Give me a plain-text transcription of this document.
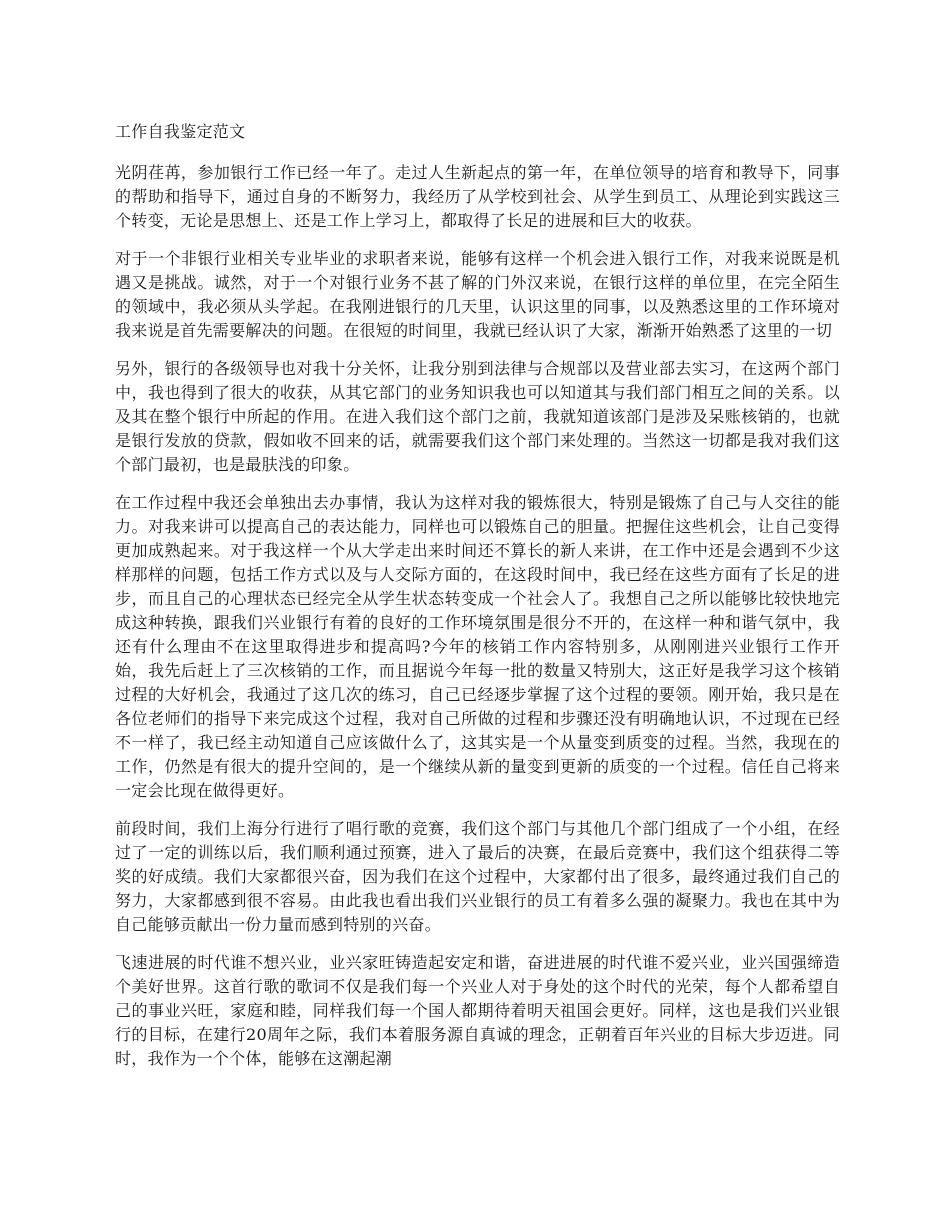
工作自我鉴定范文

光阴荏苒，参加银行工作已经一年了。走过人生新起点的第一年，在单位领导的培育和教导下，同事的帮助和指导下，通过自身的不断努力，我经历了从学校到社会、从学生到员工、从理论到实践这三个转变，无论是思想上、还是工作上学习上，都取得了长足的进展和巨大的收获。

对于一个非银行业相关专业毕业的求职者来说，能够有这样一个机会进入银行工作，对我来说既是机遇又是挑战。诚然，对于一个对银行业务不甚了解的门外汉来说，在银行这样的单位里，在完全陌生的领域中，我必须从头学起。在我刚进银行的几天里，认识这里的同事，以及熟悉这里的工作环境对我来说是首先需要解决的问题。在很短的时间里，我就已经认识了大家，渐渐开始熟悉了这里的一切

另外，银行的各级领导也对我十分关怀，让我分别到法律与合规部以及营业部去实习，在这两个部门中，我也得到了很大的收获，从其它部门的业务知识我也可以知道其与我们部门相互之间的关系。以及其在整个银行中所起的作用。在进入我们这个部门之前，我就知道该部门是涉及呆账核销的，也就是银行发放的贷款，假如收不回来的话，就需要我们这个部门来处理的。当然这一切都是我对我们这个部门最初，也是最肤浅的印象。

在工作过程中我还会单独出去办事情，我认为这样对我的锻炼很大，特别是锻炼了自己与人交往的能力。对我来讲可以提高自己的表达能力，同样也可以锻炼自己的胆量。把握住这些机会，让自己变得更加成熟起来。对于我这样一个从大学走出来时间还不算长的新人来讲，在工作中还是会遇到不少这样那样的问题，包括工作方式以及与人交际方面的，在这段时间中，我已经在这些方面有了长足的进步，而且自己的心理状态已经完全从学生状态转变成一个社会人了。我想自己之所以能够比较快地完成这种转换，跟我们兴业银行有着的良好的工作环境氛围是很分不开的，在这样一种和谐气氛中，我还有什么理由不在这里取得进步和提高吗?今年的核销工作内容特别多，从刚刚进兴业银行工作开始，我先后赶上了三次核销的工作，而且据说今年每一批的数量又特别大，这正好是我学习这个核销过程的大好机会，我通过了这几次的练习，自己已经逐步掌握了这个过程的要领。刚开始，我只是在各位老师们的指导下来完成这个过程，我对自己所做的过程和步骤还没有明确地认识，不过现在已经不一样了，我已经主动知道自己应该做什么了，这其实是一个从量变到质变的过程。当然，我现在的工作，仍然是有很大的提升空间的，是一个继续从新的量变到更新的质变的一个过程。信任自己将来一定会比现在做得更好。

前段时间，我们上海分行进行了唱行歌的竞赛，我们这个部门与其他几个部门组成了一个小组，在经过了一定的训练以后，我们顺利通过预赛，进入了最后的决赛，在最后竞赛中，我们这个组获得二等奖的好成绩。我们大家都很兴奋，因为我们在这个过程中，大家都付出了很多，最终通过我们自己的努力，大家都感到很不容易。由此我也看出我们兴业银行的员工有着多么强的凝聚力。我也在其中为自己能够贡献出一份力量而感到特别的兴奋。

飞速进展的时代谁不想兴业，业兴家旺铸造起安定和谐，奋进进展的时代谁不爱兴业，业兴国强缔造个美好世界。这首行歌的歌词不仅是我们每一个兴业人对于身处的这个时代的光荣，每个人都希望自己的事业兴旺，家庭和睦，同样我们每一个国人都期待着明天祖国会更好。同样，这也是我们兴业银行的目标，在建行20周年之际，我们本着服务源自真诚的理念，正朝着百年兴业的目标大步迈进。同时，我作为一个个体，能够在这潮起潮
